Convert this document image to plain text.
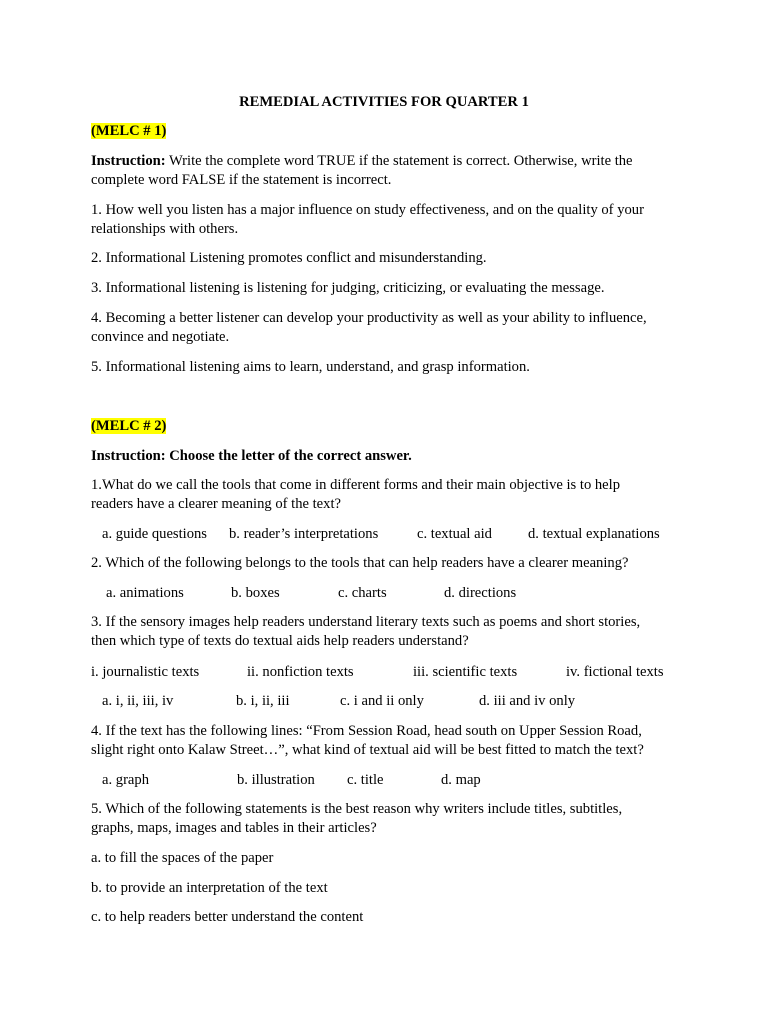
REMEDIAL ACTIVITIES FOR QUARTER 1

(MELC # 1)

Instruction: Write the complete word TRUE if the statement is correct. Otherwise, write the

complete word FALSE if the statement is incorrect.

1. How well you listen has a major influence on study effectiveness, and on the quality of your

relationships with others.

2. Informational Listening promotes conflict and misunderstanding.

3. Informational listening is listening for judging, criticizing, or evaluating the message.

4. Becoming a better listener can develop your productivity as well as your ability to influence,

convince and negotiate.

5. Informational listening aims to learn, understand, and grasp information.

(MELC # 2)

Instruction: Choose the letter of the correct answer.

1.What do we call the tools that come in different forms and their main objective is to help

readers have a clearer meaning of the text?

a. guide questions b. reader’s interpretations	c. textual aid d. textual explanations

2. Which of the following belongs to the tools that can help readers have a clearer meaning?

a. animations	b. boxes	c. charts	d. directions

3. If the sensory images help readers understand literary texts such as poems and short stories,

then which type of texts do textual aids help readers understand?

i. journalistic texts	ii. nonfiction texts	iii. scientific texts	iv. fictional texts
a. i, ii, iii, iv	b. i, ii, iii	c. i and ii only	d. iii and iv only

4. If the text has the following lines: “From Session Road, head south on Upper Session Road,

slight right onto Kalaw Street…”, what kind of textual aid will be best fitted to match the text?

a. graph	b. illustration c. title	d. map

5. Which of the following statements is the best reason why writers include titles, subtitles,

graphs, maps, images and tables in their articles?

a. to fill the spaces of the paper

b. to provide an interpretation of the text

c. to help readers better understand the content
